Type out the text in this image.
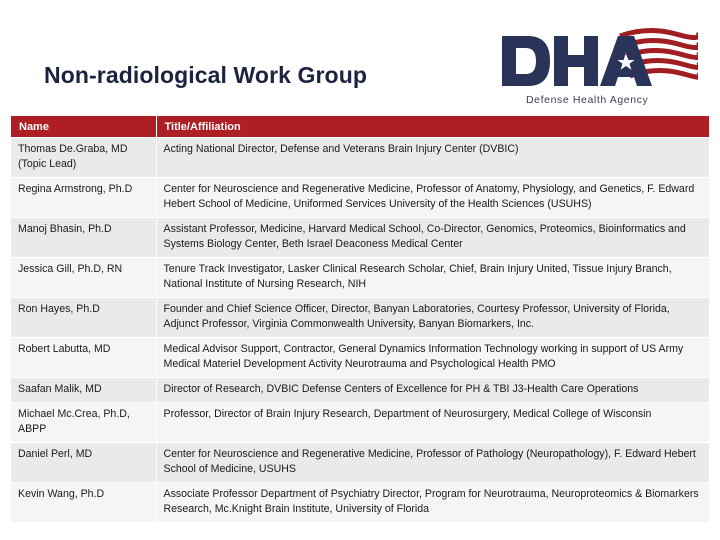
Non-radiological Work Group
Defense Health Agency
Name	Title/Affiliation
Thomas De.Graba, MD (Topic Lead)	Acting National Director, Defense and Veterans Brain Injury Center (DVBIC)
Regina Armstrong, Ph.D	Center for Neuroscience and Regenerative Medicine, Professor of Anatomy, Physiology, and Genetics, F. Edward Hebert School of Medicine, Uniformed Services University of the Health Sciences (USUHS)
Manoj Bhasin, Ph.D	Assistant Professor, Medicine, Harvard Medical School, Co-Director, Genomics, Proteomics, Bioinformatics and Systems Biology Center, Beth Israel Deaconess Medical Center
Jessica Gill, Ph.D, RN	Tenure Track Investigator, Lasker Clinical Research Scholar, Chief, Brain Injury United, Tissue Injury Branch, National Institute of Nursing Research, NIH
Ron Hayes, Ph.D	Founder and Chief Science Officer, Director, Banyan Laboratories, Courtesy Professor, University of Florida, Adjunct Professor, Virginia Commonwealth University, Banyan Biomarkers, Inc.
Robert Labutta, MD	Medical Advisor Support, Contractor, General Dynamics Information Technology working in support of US Army Medical Materiel Development Activity Neurotrauma and Psychological Health PMO
Saafan Malik, MD	Director of Research, DVBIC Defense Centers of Excellence for PH & TBI J3-Health Care Operations
Michael Mc.Crea, Ph.D, ABPP	Professor, Director of Brain Injury Research, Department of Neurosurgery, Medical College of Wisconsin
Daniel Perl, MD	Center for Neuroscience and Regenerative Medicine, Professor of Pathology (Neuropathology), F. Edward Hebert School of Medicine, USUHS
Kevin Wang, Ph.D	Associate Professor Department of Psychiatry Director, Program for Neurotrauma, Neuroproteomics & Biomarkers Research, Mc.Knight Brain Institute, University of Florida
